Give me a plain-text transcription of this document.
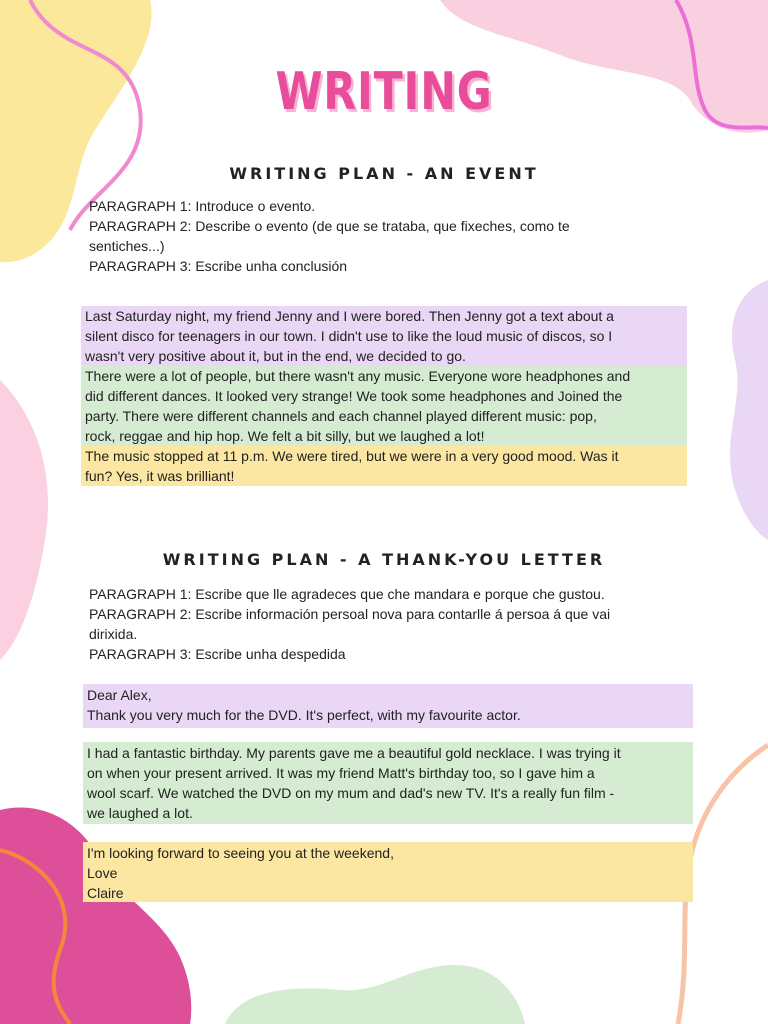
WRITING
WRITING PLAN - AN EVENT
PARAGRAPH 1: Introduce o evento.
PARAGRAPH 2: Describe o evento (de que se trataba, que fixeches, como te
sentiches...)
PARAGRAPH 3: Escribe unha conclusión
Last Saturday night, my friend Jenny and I were bored. Then Jenny got a text about a
silent disco for teenagers in our town. I didn't use to like the loud music of discos, so I
wasn't very positive about it, but in the end, we decided to go.
There were a lot of people, but there wasn't any music. Everyone wore headphones and
did different dances. It looked very strange! We took some headphones and Joined the
party. There were different channels and each channel played different music: pop,
rock, reggae and hip hop. We felt a bit silly, but we laughed a lot!
The music stopped at 11 p.m. We were tired, but we were in a very good mood. Was it
fun? Yes, it was brilliant!
WRITING PLAN - A THANK-YOU LETTER
PARAGRAPH 1: Escribe que lle agradeces que che mandara e porque che gustou.
PARAGRAPH 2: Escribe información persoal nova para contarlle á persoa á que vai
dirixida.
PARAGRAPH 3: Escribe unha despedida
Dear Alex,
Thank you very much for the DVD. It's perfect, with my favourite actor.
I had a fantastic birthday. My parents gave me a beautiful gold necklace. I was trying it
on when your present arrived. It was my friend Matt's birthday too, so I gave him a
wool scarf. We watched the DVD on my mum and dad's new TV. It's a really fun film -
we laughed a lot.
I'm looking forward to seeing you at the weekend,
Love
Claire
